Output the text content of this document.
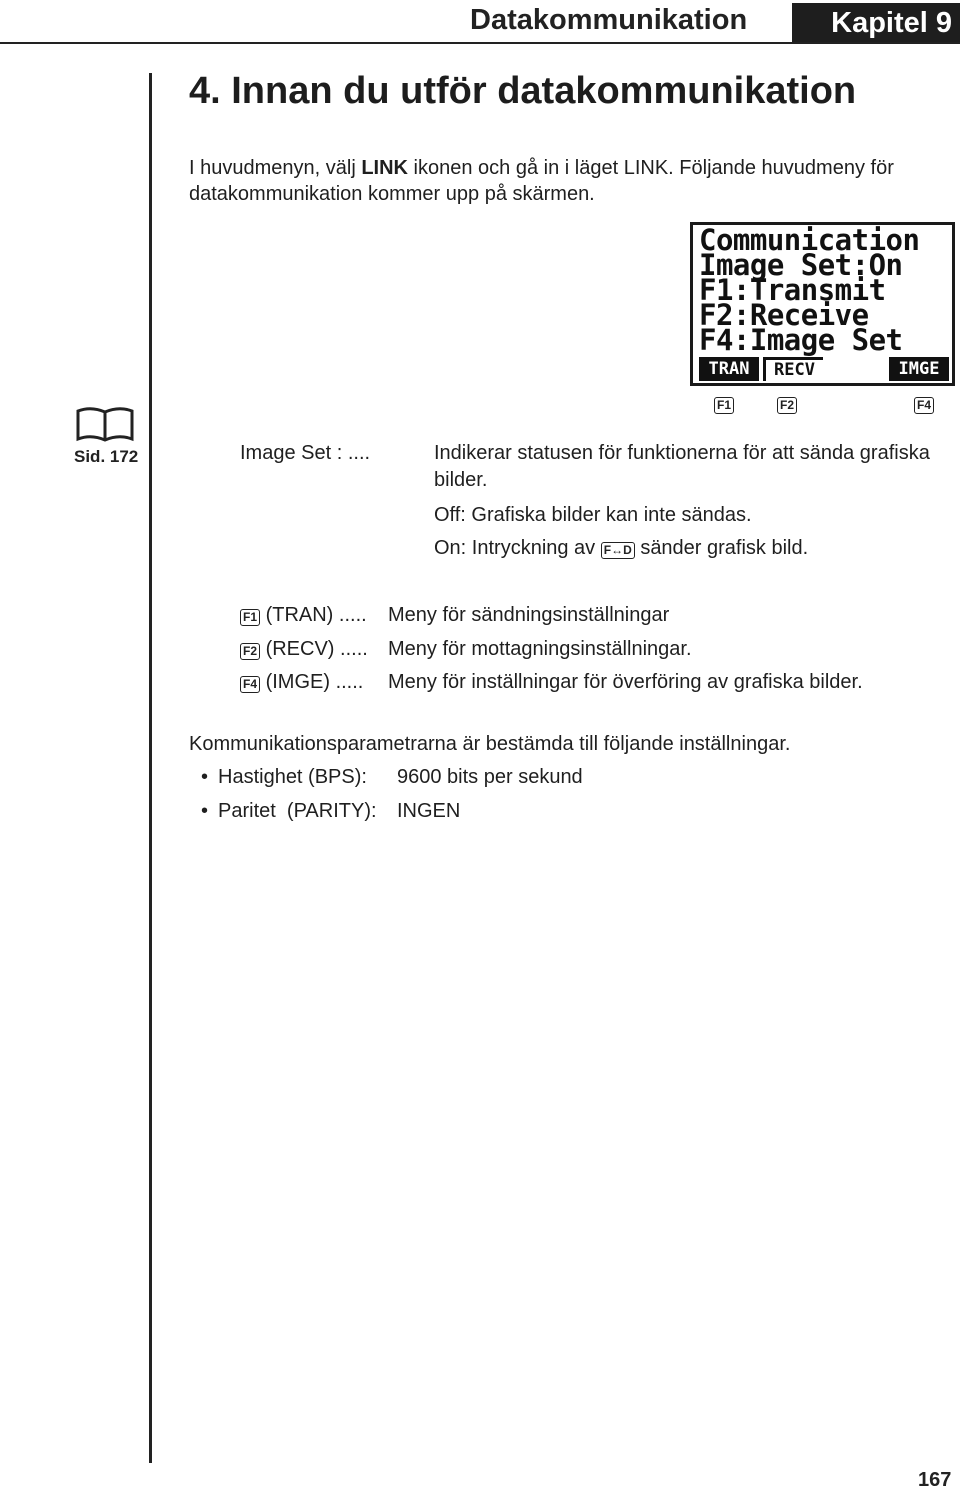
Datakommunikation	Kapitel 9
4. Innan du utför datakommunikation
I huvudmenyn, välj LINK ikonen och gå in i läget LINK. Följande huvudmeny för
datakommunikation kommer upp på skärmen.
Communication
Image Set:On
F1:Transmit
F2:Receive
F4:Image Set
TRAN	RECV	IMGE
F1	F2	F4
Sid. 172	Image Set : ....	Indikerar statusen för funktionerna för att sända grafiska
bilder.
Off: Grafiska bilder kan inte sändas.
On: Intryckning av F↔D sänder grafisk bild.
F1 (TRAN) ..... Meny för sändningsinställningar
F2 (RECV) ..... Meny för mottagningsinställningar.
F4 (IMGE) ..... Meny för inställningar för överföring av grafiska bilder.
Kommunikationsparametrarna är bestämda till följande inställningar.
• Hastighet (BPS): 9600 bits per sekund
• Paritet  (PARITY): INGEN
167
